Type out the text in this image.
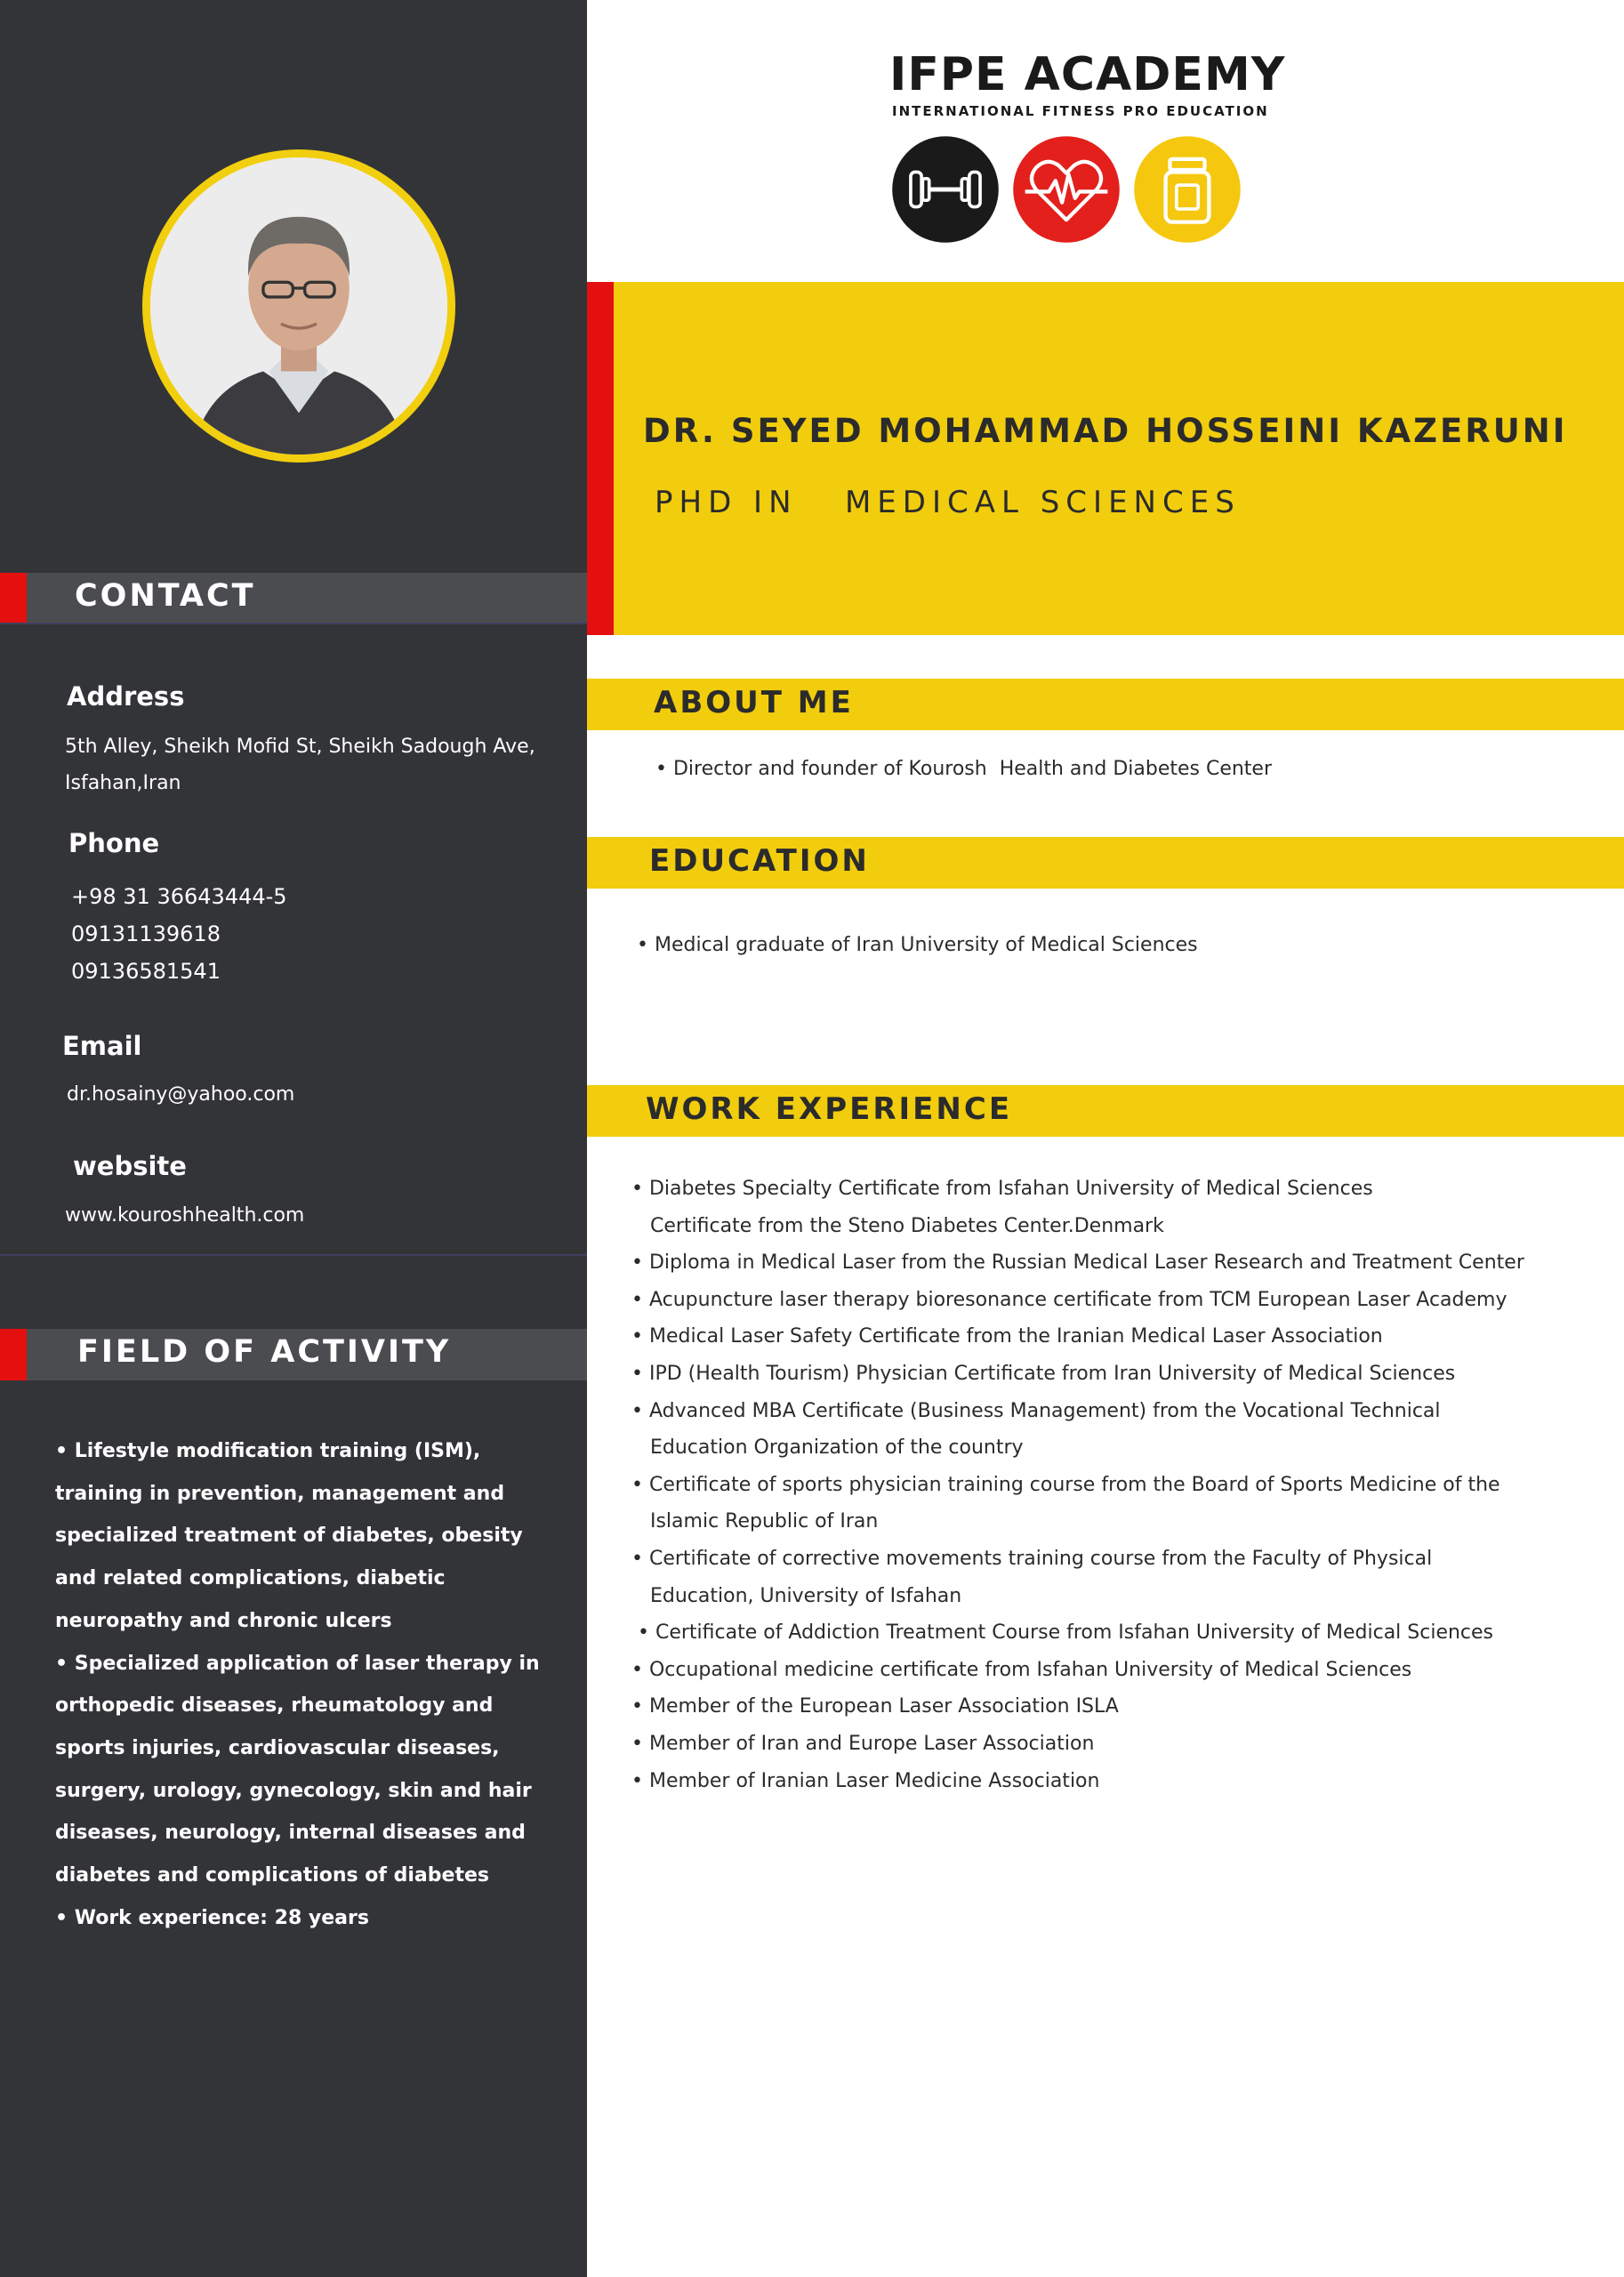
CONTACT
Address
5th Alley, Sheikh Mofid St, Sheikh Sadough Ave,
Isfahan,Iran
Phone
+98 31 36643444-5
09131139618
09136581541
Email
dr.hosainy@yahoo.com
website
www.kouroshhealth.com
FIELD OF ACTIVITY

• Lifestyle modification training (ISM), training in prevention, management and specialized treatment of diabetes, obesity and related complications, diabetic neuropathy and chronic ulcers

• Specialized application of laser therapy in orthopedic diseases, rheumatology and sports injuries, cardiovascular diseases, surgery, urology, gynecology, skin and hair diseases, neurology, internal diseases and diabetes and complications of diabetes

• Work experience: 28 years

IFPE ACADEMY
INTERNATIONAL FITNESS PRO EDUCATION
DR. SEYED MOHAMMAD HOSSEINI KAZERUNI
PHD IN   MEDICAL SCIENCES
ABOUT ME
• Director and founder of Kourosh  Health and Diabetes Center
EDUCATION
• Medical graduate of Iran University of Medical Sciences
WORK EXPERIENCE
• Diabetes Specialty Certificate from Isfahan University of Medical Sciences
Certificate from the Steno Diabetes Center.Denmark
• Diploma in Medical Laser from the Russian Medical Laser Research and Treatment Center
• Acupuncture laser therapy bioresonance certificate from TCM European Laser Academy
• Medical Laser Safety Certificate from the Iranian Medical Laser Association
• IPD (Health Tourism) Physician Certificate from Iran University of Medical Sciences
• Advanced MBA Certificate (Business Management) from the Vocational Technical
Education Organization of the country
• Certificate of sports physician training course from the Board of Sports Medicine of the
Islamic Republic of Iran
• Certificate of corrective movements training course from the Faculty of Physical
Education, University of Isfahan
• Certificate of Addiction Treatment Course from Isfahan University of Medical Sciences
• Occupational medicine certificate from Isfahan University of Medical Sciences
• Member of the European Laser Association ISLA
• Member of Iran and Europe Laser Association
• Member of Iranian Laser Medicine Association
